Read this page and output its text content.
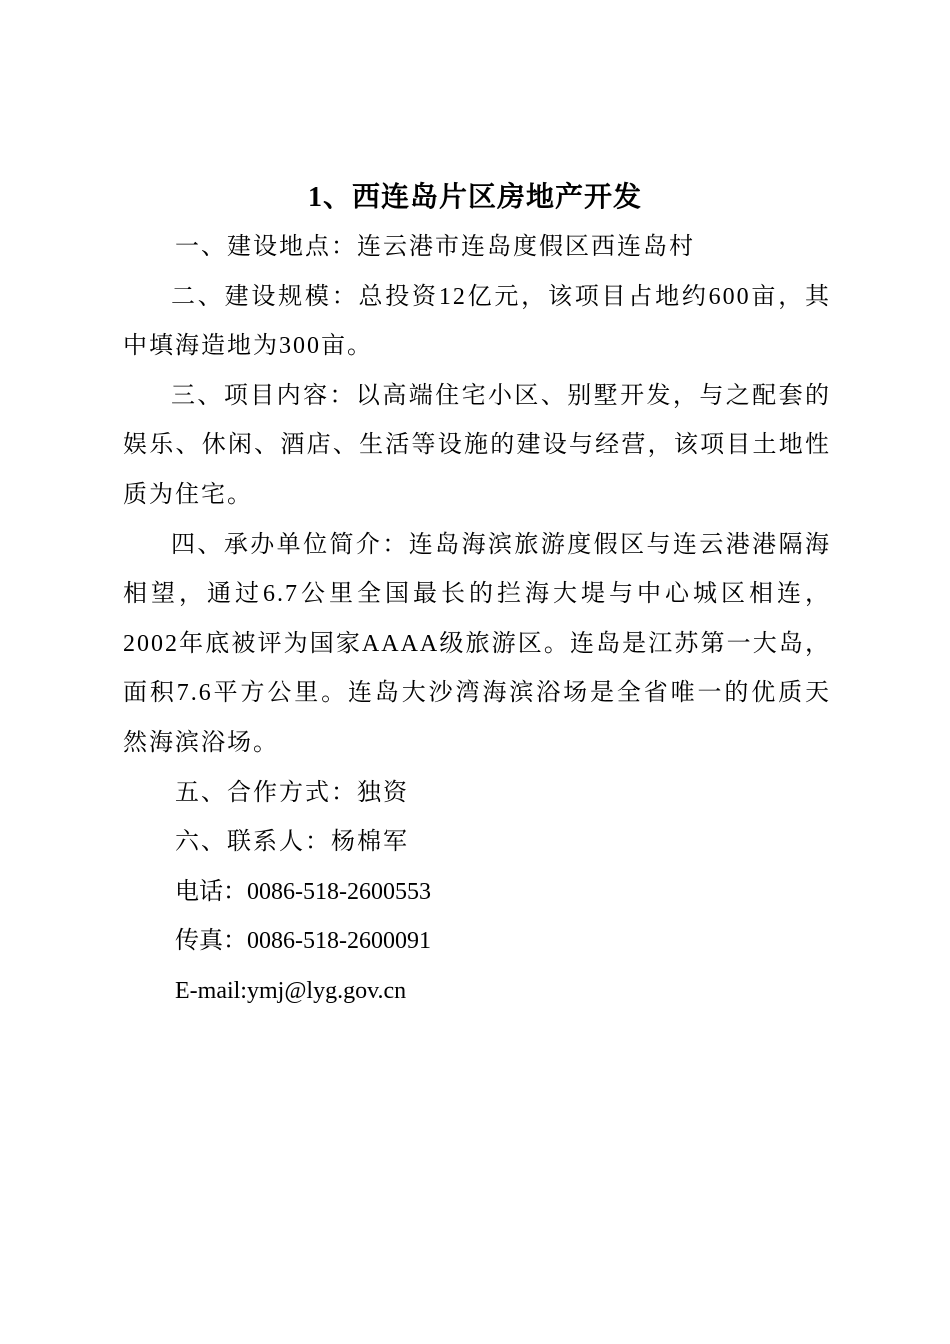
1、西连岛片区房地产开发

一、建设地点：连云港市连岛度假区西连岛村

二、建设规模：总投资12亿元，该项目占地约600亩，其中填海造地为300亩。

三、项目内容：以高端住宅小区、别墅开发，与之配套的娱乐、休闲、酒店、生活等设施的建设与经营，该项目土地性质为住宅。

四、承办单位简介：连岛海滨旅游度假区与连云港港隔海相望，通过6.7公里全国最长的拦海大堤与中心城区相连，2002年底被评为国家AAAA级旅游区。连岛是江苏第一大岛，面积7.6平方公里。连岛大沙湾海滨浴场是全省唯一的优质天然海滨浴场。

五、合作方式：独资

六、联系人：杨棉军

电话：0086-518-2600553

传真：0086-518-2600091

E-mail:ymj@lyg.gov.cn
